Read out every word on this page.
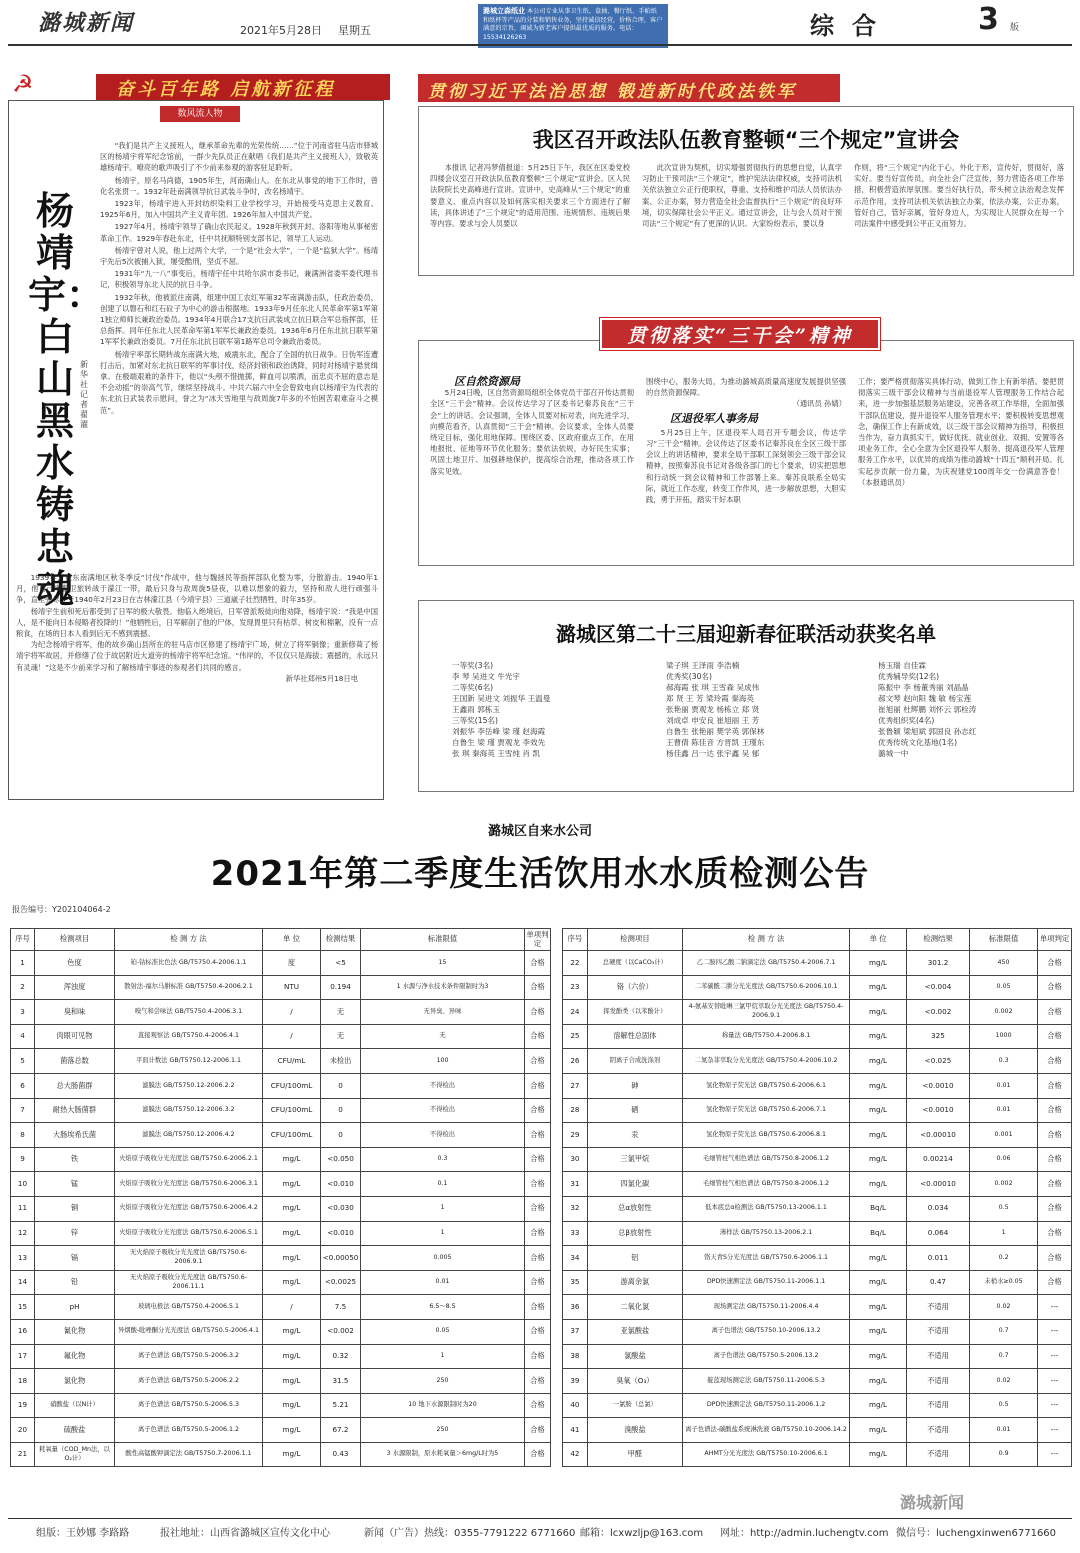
潞城新闻	2021年5月28日 星期五
潞城立森纸业 本公司专业从事卫生纸、盒抽、餐厅纸、手帕纸和纸杯等产品的分装和销售业务，坚持诚信经营，价格合理，客户满意的宗旨，竭诚为新老客户提供最优质的服务。电话：15534126263	综合	3 版
☭	奋斗百年路 启航新征程
数风流人物
杨靖宇：白山黑水铸忠魂
新华社记者 翟濯

“我们是共产主义接班人，继承革命先辈的光荣传统……”位于河南省驻马店市驿城区的杨靖宇将军纪念馆前，一群少先队员正在献唱《我们是共产主义接班人》，致敬英雄杨靖宇。嘹亮的歌声吸引了不少前来参观的游客驻足聆听。

杨靖宇，原名马尚德，1905年生，河南确山人。在东北从事党的地下工作时，曾化名张贯一。1932年赴南满领导抗日武装斗争时，改名杨靖宇。

1923年，杨靖宇进入开封纺织染料工业学校学习，开始接受马克思主义教育。1925年6月，加入中国共产主义青年团。1926年加入中国共产党。

1927年4月，杨靖宇领导了确山农民起义。1928年秋到开封、洛阳等地从事秘密革命工作。1929年春赴东北，任中共抚顺特别支部书记，领导工人运动。

杨靖宇曾对人说，他上过两个大学，一个是“社会大学”，一个是“监狱大学”。杨靖宇先后5次被捕入狱，屡受酷刑，坚贞不屈。

1931年“九一八”事变后，杨靖宇任中共哈尔滨市委书记，兼满洲省委军委代理书记，积极领导东北人民的抗日斗争。

1932年秋，他被派往南满，组建中国工农红军第32军南满游击队，任政治委员，创建了以磐石和红石砬子为中心的游击根据地。1933年9月任东北人民革命军第1军第1独立师师长兼政治委员。1934年4月联合17支抗日武装成立抗日联合军总指挥部，任总指挥。同年任东北人民革命军第1军军长兼政治委员。1936年6月任东北抗日联军第1军军长兼政治委员。7月任东北抗日联军第1路军总司令兼政治委员。

杨靖宇率部长期转战东南满大地，威震东北，配合了全国的抗日战争。日伪军连遭打击后，加紧对东北抗日联军的军事讨伐，经济封锁和政治诱降，同时对杨靖宇悬赏缉拿。在极端艰难的条件下，他以“头颅不惜抛掷，鲜血可以喷洒，而忠贞不屈的意志是不会动摇”的崇高气节，继续坚持战斗。中共六届六中全会曾致电向以杨靖宇为代表的东北抗日武装表示慰问，誉之为“冰天雪地里与敌周旋7年多的不怕困苦艰难奋斗之模范”。

1939年，在东南满地区秋冬季反“讨伐”作战中，他与魏拯民等指挥部队化整为零，分散游击。1940年1月，他自己率警卫旅转战于濛江一带，最后只身与敌周旋5昼夜，以难以想象的毅力，坚持和敌人进行顽强斗争，直至弹尽，于1940年2月23日在吉林濛江县（今靖宇县）三道崴子壮烈牺牲，时年35岁。

杨靖宇生前和死后都受到了日军的极大敬畏。他临入绝境后，日军曾派叛徒向他劝降，杨靖宇说：“我是中国人，是不能向日本侵略者投降的！”他牺牲后，日军解剖了他的尸体，发现胃里只有枯草、树皮和棉絮，没有一点粮食，在场的日本人看到后无不感到震撼。

为纪念杨靖宇将军，他的故乡确山县所在的驻马店市区修建了杨靖宇广场，树立了将军铜像；重新修葺了杨靖宇将军故居，并修缮了位于故居附近大道旁的杨靖宇将军纪念馆。“伟岸的，不仅仅只是海拔；震撼的，永远只有灵魂！”这是不少前来学习和了解杨靖宇事迹的参观者们共同的感言。

新华社郑州5月18日电

贯彻习近平法治思想 锻造新时代政法铁军
我区召开政法队伍教育整顿“三个规定”宣讲会

本报讯 记者冯梦倩报道：5月25日下午，我区在区委党校四楼会议室召开政法队伍教育整顿“三个规定”宣讲会。区人民法院院长史高峰进行宣讲。宣讲中，史高峰从“三个规定”的重要意义、重点内容以及如何落实相关要求三个方面进行了解读，具体讲述了“三个规定”的适用范围、违规情形、违规后果等内容。要求与会人员要以

此次宣讲为契机，切实增强贯彻执行的思想自觉，认真学习防止干预司法“三个规定”，维护宪法法律权威，支持司法机关依法独立公正行使职权，尊重、支持和维护司法人员依法办案、公正办案，努力营造全社会监督执行“三个规定”的良好环境，切实保障社会公平正义。通过宣讲会，让与会人员对干预司法“三个规定”有了更深的认识。大家纷纷表示，要以身

作则，将“三个规定”内化于心，外化于形，宣传好，贯彻好，落实好。要当好宣传员，向全社会广泛宣传，努力营造各项工作举措，积极营造浓厚氛围。要当好执行员，带头树立法治观念发挥示范作用，支持司法机关依法独立办案，依法办案，公正办案，管好自己，管好亲属，管好身边人，为实现让人民群众在每一个司法案件中感受到公平正义而努力。

贯彻落实“三干会”精神
区自然资源局

5月24日晚，区自然资源局组织全体党员干部召开传达贯彻全区“三干会”精神。会议传达学习了区委书记秦苏良在“三干会”上的讲话。会议强调，全体人员要对标对表，向先进学习，向模范看齐，认真贯彻“三干会”精神。会议要求，全体人员要绕定目标，强化用地保障。围绕区委、区政府重点工作，在用地报批、征地等环节优化服务；要依法依规，办好民生实事；巩固土地卫片、加强耕地保护，提高综合治理，推动各项工作落实见效。

围绕中心，服务大局，为推动潞城高质量高速度发展提供坚强的自然资源保障。

（通讯员 孙婧）

区退役军人事务局

5月25日上午，区退役军人局召开专题会议，传达学习“三干会”精神。会议传达了区委书记秦苏良在全区三级干部会议上的讲话精神，要求全局干部职工深刻领会三级干部会议精神，按照秦苏良书记对各级各部门的七个要求，切实把思想和行动统一到会议精神和工作部署上来。秦苏良联系全局实际，就近工作态度，转变工作作风，进一步解放思想，大胆实践，勇于开拓，踏实干好本职

工作；要严格贯彻落实具体行动，做到工作上有新举措。要把贯彻落实三级干部会议精神与当前退役军人管理服务工作结合起来，进一步加强基层服务站建设，完善各项工作举措，全面加强干部队伍建设，提升退役军人服务管理水平；要积极转变思想观念，确保工作上有新成效，以三级干部会议精神为指导，积极担当作为，奋力真抓实干，做好优抚、就业创业、双拥、安置等各项业务工作，全心全意为全区退役军人服务，提高退役军人管理服务工作水平，以优异的成绩为推动潞城“十四五”顺利开局、扎实起步贡献一份力量，为庆祝建党100周年交一份满意答卷！（本报通讯员）

潞城区第二十三届迎新春征联活动获奖名单
一等奖(3名)
李 琴 吴进文 牛光宇
二等奖(6名)
王国新 吴进文 刘振华 王温曼
王鑫雨 郭栋玉
三等奖(15名)
刘振华 李岳峰 梁 瑾 赵海霞
自鲁生 梁 瑾 贾观龙 李效先
张 琪 秦海英 王雪纯 肖 凯
梁子琪 王泽雨 李浩楠
优秀奖(30名)
郝海霞 张 琪 王雪森 吴成伟
郑 贤 王 芳 梁玲霞 秦海英
张艳丽 贾观龙 杨栋立 郑 贤
刘成卓 申安良 崔旭丽 王 芳
自鲁生 张艳丽 樊学英 郭保林
王曹倩 陈佳音 方晋凯 王瑾东
杨佳鑫 吕一达 张宇鑫 吴 郁
杨玉瑞 自佳霖
优秀辅导奖(12名)
陈振中 李 杨董秀丽 刘晶晶
郝文琴 赵向阳 魏 敏 杨宝莲
崔旭丽 杜辉鹏 刘怀云 郭栓涛
优秀组织奖(4名)
张鲁颖 梁旭斌 郭国良 孙志红
优秀传统文化基地(1名)
潞城一中
潞城区自来水公司
2021年第二季度生活饮用水水质检测公告
报告编号：Y202104064-2
序号	检测项目	检 测 方 法	单 位	检测结果	标准限值	单项判定
1	色度	铂-钴标准比色法 GB/T5750.4-2006.1.1	度	<5	15	合格
2	浑浊度	散射法-福尔马肼标准 GB/T5750.4-2006.2.1	NTU	0.194	1 水源与净水技术条件限制时为3	合格
3	臭和味	嗅气和尝味法 GB/T5750.4-2006.3.1	/	无	无异臭、异味	合格
4	肉眼可见物	直接观察法 GB/T5750.4-2006.4.1	/	无	无	合格
5	菌落总数	平皿计数法 GB/T5750.12-2006.1.1	CFU/mL	未检出	100	合格
6	总大肠菌群	滤膜法 GB/T5750.12-2006.2.2	CFU/100mL	0	不得检出	合格
7	耐热大肠菌群	滤膜法 GB/T5750.12-2006.3.2	CFU/100mL	0	不得检出	合格
8	大肠埃希氏菌	滤膜法 GB/T5750.12-2006.4.2	CFU/100mL	0	不得检出	合格
9	铁	火焰原子吸收分光光度法 GB/T5750.6-2006.2.1	mg/L	<0.050	0.3	合格
10	锰	火焰原子吸收分光光度法 GB/T5750.6-2006.3.1	mg/L	<0.010	0.1	合格
11	铜	火焰原子吸收分光光度法 GB/T5750.6-2006.4.2	mg/L	<0.030	1	合格
12	锌	火焰原子吸收分光光度法 GB/T5750.6-2006.5.1	mg/L	<0.010	1	合格
13	镉	无火焰原子吸收分光光度法 GB/T5750.6-2006.9.1	mg/L	<0.00050	0.005	合格
14	铅	无火焰原子吸收分光光度法 GB/T5750.6-2006.11.1	mg/L	<0.0025	0.01	合格
15	pH	玻璃电极法 GB/T5750.4-2006.5.1	/	7.5	6.5～8.5	合格
16	氰化物	异烟酸-吡唑酮分光光度法 GB/T5750.5-2006.4.1	mg/L	<0.002	0.05	合格
17	氟化物	离子色谱法 GB/T5750.5-2006.3.2	mg/L	0.32	1	合格
18	氯化物	离子色谱法 GB/T5750.5-2006.2.2	mg/L	31.5	250	合格
19	硝酸盐（以N计）	离子色谱法 GB/T5750.5-2006.5.3	mg/L	5.21	10 地下水源限制时为20	合格
20	硫酸盐	离子色谱法 GB/T5750.5-2006.1.2	mg/L	67.2	250	合格
21	耗氧量（COD_Mn法，以O₂计）	酸性高锰酸钾滴定法 GB/T5750.7-2006.1.1	mg/L	0.43	3 水源限制，原水耗氧量＞6mg/L时为5	合格
序号	检测项目	检 测 方 法	单 位	检测结果	标准限值	单项判定
22	总硬度（以CaCO₃计）	乙二胺四乙酸二钠滴定法 GB/T5750.4-2006.7.1	mg/L	301.2	450	合格
23	铬（六价）	二苯碳酰二肼分光光度法 GB/T5750.6-2006.10.1	mg/L	<0.004	0.05	合格
24	挥发酚类（以苯酚计）	4-氨基安替吡啉三氯甲烷萃取分光光度法 GB/T5750.4-2006.9.1	mg/L	<0.002	0.002	合格
25	溶解性总固体	称量法 GB/T5750.4-2006.8.1	mg/L	325	1000	合格
26	阴离子合成洗涤剂	二氮杂菲萃取分光光度法 GB/T5750.4-2006.10.2	mg/L	<0.025	0.3	合格
27	砷	氢化物原子荧光法 GB/T5750.6-2006.6.1	mg/L	<0.0010	0.01	合格
28	硒	氢化物原子荧光法 GB/T5750.6-2006.7.1	mg/L	<0.0010	0.01	合格
29	汞	氢化物原子荧光法 GB/T5750.6-2006.8.1	mg/L	<0.00010	0.001	合格
30	三氯甲烷	毛细管柱气相色谱法 GB/T5750.8-2006.1.2	mg/L	0.00214	0.06	合格
31	四氯化碳	毛细管柱气相色谱法 GB/T5750.8-2006.1.2	mg/L	<0.00010	0.002	合格
32	总α放射性	低本底总α检测法 GB/T5750.13-2006.1.1	Bq/L	0.034	0.5	合格
33	总β放射性	薄样法 GB/T5750.13-2006.2.1	Bq/L	0.064	1	合格
34	铝	铬天青S分光光度法 GB/T5750.6-2006.1.1	mg/L	0.011	0.2	合格
35	游离余氯	DPD快速测定法 GB/T5750.11-2006.1.1	mg/L	0.47	末梢水≥0.05	合格
36	二氧化氯	现场测定法 GB/T5750.11-2006.4.4	mg/L	不适用	0.02	---
37	亚氯酸盐	离子色谱法 GB/T5750.10-2006.13.2	mg/L	不适用	0.7	---
38	氯酸盐	离子色谱法 GB/T5750.5-2006.13.2	mg/L	不适用	0.7	---
39	臭氧（O₃）	靛蓝现场测定法 GB/T5750.11-2006.5.3	mg/L	不适用	0.02	---
40	一氯胺（总氯）	DPD快速测定法 GB/T5750.11-2006.1.2	mg/L	不适用	0.5	---
41	溴酸盐	离子色谱法-碳酸盐系统淋洗液 GB/T5750.10-2006.14.2	mg/L	不适用	0.01	---
42	甲醛	AHMT分光光度法 GB/T5750.10-2006.6.1	mg/L	不适用	0.9	---
潞城新闻
组版：王妙娜 李路路	报社地址：山西省潞城区宣传文化中心	新闻（广告）热线：0355-7791222 6771660 邮箱：lcxwzljp@163.com 网址：http://admin.luchengtv.com 微信号：luchengxinwen6771660
